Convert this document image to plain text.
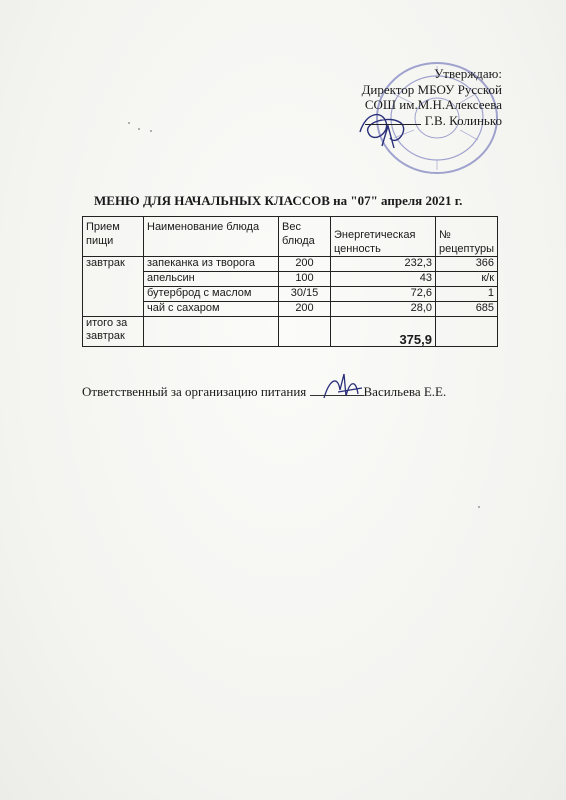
Утверждаю:
Директор МБОУ Русской
СОШ им.М.Н.Алексеева
Г.В. Колинько
МЕНЮ ДЛЯ НАЧАЛЬНЫХ КЛАССОВ на "07" апреля 2021 г.
Прием пищи	Наименование блюда	Вес блюда	Энергетическая ценность	№ рецептуры
завтрак	запеканка из творога	200	232,3	366
	апельсин	100	43	к/к
	бутерброд с маслом	30/15	72,6	1
	чай с сахаром	200	28,0	685
итого за завтрак			375,9	
Ответственный за организацию питания	Васильева Е.Е.
